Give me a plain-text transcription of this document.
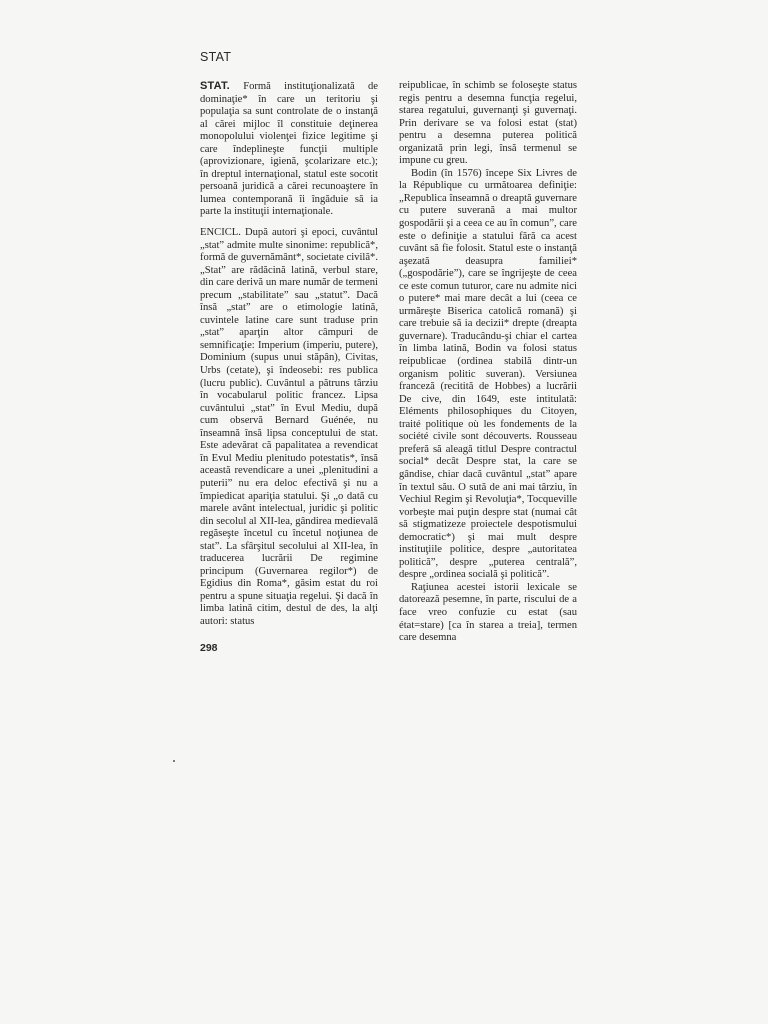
STAT

STAT. Formă instituţionalizată de dominaţie* în care un teritoriu şi populaţia sa sunt controlate de o instanţă al cărei mijloc îl constituie deţinerea monopolului violenţei fizice legitime şi care îndeplineşte funcţii multiple (aprovizionare, igienă, şcolarizare etc.); în dreptul internaţional, statul este socotit persoană juridică a cărei recunoaştere în lumea contemporană îi îngăduie să ia parte la instituţii internaţionale.

ENCICL. După autori şi epoci, cuvântul „stat” admite multe sinonime: republică*, formă de guvernământ*, societate civilă*. „Stat” are rădăcină latină, verbul stare, din care derivă un mare număr de termeni precum „stabilitate” sau „statut”. Dacă însă „stat” are o etimologie latină, cuvintele latine care sunt traduse prin „stat” aparţin altor câmpuri de semnificaţie: Imperium (imperiu, putere), Dominium (supus unui stăpân), Civitas, Urbs (cetate), şi îndeosebi: res publica (lucru public). Cuvântul a pătruns târziu în vocabularul politic francez. Lipsa cuvântului „stat” în Evul Mediu, după cum observă Bernard Guénée, nu înseamnă însă lipsa conceptului de stat. Este adevărat că papalitatea a revendicat în Evul Mediu plenitudo potestatis*, însă această revendicare a unei „plenitudini a puterii” nu era deloc efectivă şi nu a împiedicat apariţia statului. Şi „o dată cu marele avânt intelectual, juridic şi politic din secolul al XII-lea, gândirea medievală regăseşte încetul cu încetul noţiunea de stat”. La sfârşitul secolului al XII-lea, în traducerea lucrării De regimine principum (Guvernarea regilor*) de Egidius din Roma*, găsim estat du roi pentru a spune situaţia regelui. Şi dacă în limba latină citim, destul de des, la alţi autori: status

reipublicae, în schimb se foloseşte status regis pentru a desemna funcţia regelui, starea regatului, guvernanţi şi guvernaţi. Prin derivare se va folosi estat (stat) pentru a desemna puterea politică organizată prin legi, însă termenul se impune cu greu.

Bodin (în 1576) începe Six Livres de la République cu următoarea definiţie: „Republica înseamnă o dreaptă guvernare cu putere suverană a mai multor gospodării şi a ceea ce au în comun”, care este o definiţie a statului fără ca acest cuvânt să fie folosit. Statul este o instanţă aşezată deasupra familiei* („gospodărie”), care se îngrijeşte de ceea ce este comun tuturor, care nu admite nici o putere* mai mare decât a lui (ceea ce urmăreşte Biserica catolică romană) şi care trebuie să ia decizii* drepte (dreapta guvernare). Traducându-şi chiar el cartea în limba latină, Bodin va folosi status reipublicae (ordinea stabilă dintr-un organism politic suveran). Versiunea franceză (recitită de Hobbes) a lucrării De cive, din 1649, este intitulată: Eléments philosophiques du Citoyen, traité politique où les fondements de la société civile sont découverts. Rousseau preferă să aleagă titlul Despre contractul social* decât Despre stat, la care se gândise, chiar dacă cuvântul „stat” apare în textul său. O sută de ani mai târziu, în Vechiul Regim şi Revoluţia*, Tocqueville vorbeşte mai puţin despre stat (numai cât să stigmatizeze proiectele despotismului democratic*) şi mai mult despre instituţiile politice, despre „autoritatea politică”, despre „puterea centrală”, despre „ordinea socială şi politică”.

Raţiunea acestei istorii lexicale se datorează pesemne, în parte, riscului de a face vreo confuzie cu estat (sau état=stare) [ca în starea a treia], termen care desemna

298
